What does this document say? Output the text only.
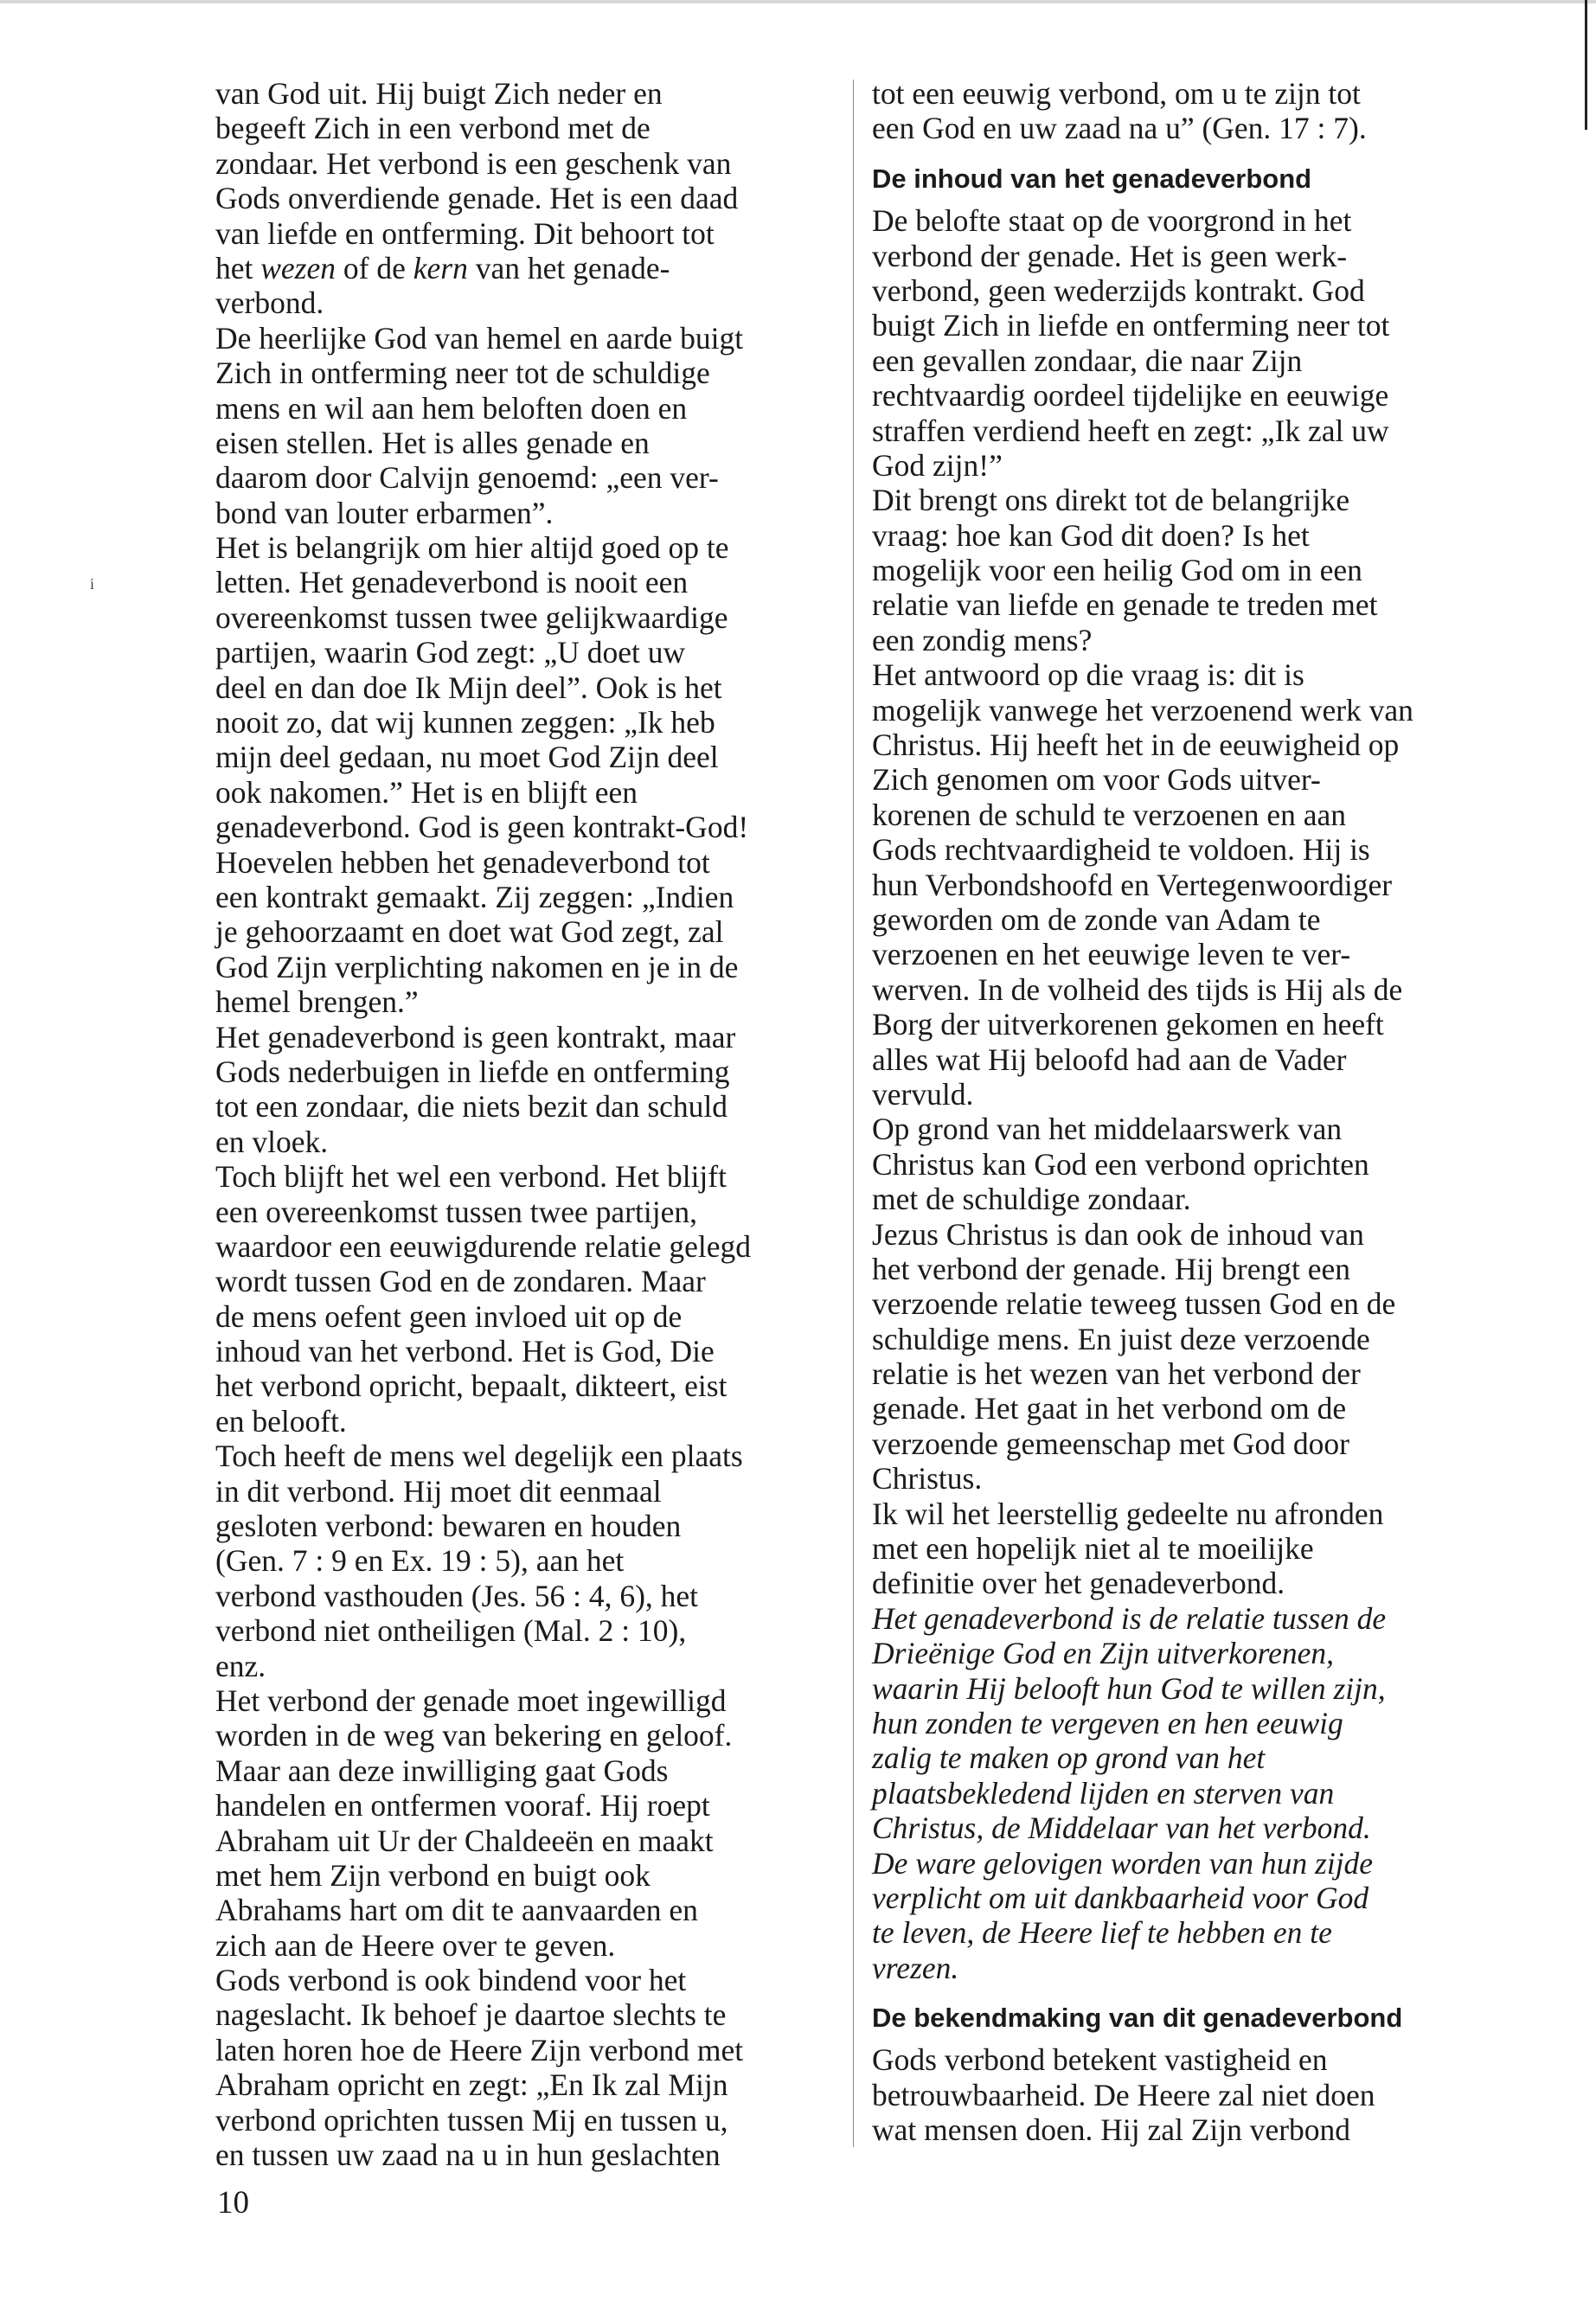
i
van God uit. Hij buigt Zich neder en
begeeft Zich in een verbond met de
zondaar. Het verbond is een geschenk van
Gods onverdiende genade. Het is een daad
van liefde en ontferming. Dit behoort tot
het wezen of de kern van het genade-
verbond.
De heerlijke God van hemel en aarde buigt
Zich in ontferming neer tot de schuldige
mens en wil aan hem beloften doen en
eisen stellen. Het is alles genade en
daarom door Calvijn genoemd: „een ver-
bond van louter erbarmen”.
Het is belangrijk om hier altijd goed op te
letten. Het genadeverbond is nooit een
overeenkomst tussen twee gelijkwaardige
partijen, waarin God zegt: „U doet uw
deel en dan doe Ik Mijn deel”. Ook is het
nooit zo, dat wij kunnen zeggen: „Ik heb
mijn deel gedaan, nu moet God Zijn deel
ook nakomen.” Het is en blijft een
genadeverbond. God is geen kontrakt-God!
Hoevelen hebben het genadeverbond tot
een kontrakt gemaakt. Zij zeggen: „Indien
je gehoorzaamt en doet wat God zegt, zal
God Zijn verplichting nakomen en je in de
hemel brengen.”
Het genadeverbond is geen kontrakt, maar
Gods nederbuigen in liefde en ontferming
tot een zondaar, die niets bezit dan schuld
en vloek.
Toch blijft het wel een verbond. Het blijft
een overeenkomst tussen twee partijen,
waardoor een eeuwigdurende relatie gelegd
wordt tussen God en de zondaren. Maar
de mens oefent geen invloed uit op de
inhoud van het verbond. Het is God, Die
het verbond opricht, bepaalt, dikteert, eist
en belooft.
Toch heeft de mens wel degelijk een plaats
in dit verbond. Hij moet dit eenmaal
gesloten verbond: bewaren en houden
(Gen. 7 : 9 en Ex. 19 : 5), aan het
verbond vasthouden (Jes. 56 : 4, 6), het
verbond niet ontheiligen (Mal. 2 : 10),
enz.
Het verbond der genade moet ingewilligd
worden in de weg van bekering en geloof.
Maar aan deze inwilliging gaat Gods
handelen en ontfermen vooraf. Hij roept
Abraham uit Ur der Chaldeeën en maakt
met hem Zijn verbond en buigt ook
Abrahams hart om dit te aanvaarden en
zich aan de Heere over te geven.
Gods verbond is ook bindend voor het
nageslacht. Ik behoef je daartoe slechts te
laten horen hoe de Heere Zijn verbond met
Abraham opricht en zegt: „En Ik zal Mijn
verbond oprichten tussen Mij en tussen u,
en tussen uw zaad na u in hun geslachten
tot een eeuwig verbond, om u te zijn tot
een God en uw zaad na u” (Gen. 17 : 7).
De inhoud van het genadeverbond
De belofte staat op de voorgrond in het
verbond der genade. Het is geen werk-
verbond, geen wederzijds kontrakt. God
buigt Zich in liefde en ontferming neer tot
een gevallen zondaar, die naar Zijn
rechtvaardig oordeel tijdelijke en eeuwige
straffen verdiend heeft en zegt: „Ik zal uw
God zijn!”
Dit brengt ons direkt tot de belangrijke
vraag: hoe kan God dit doen? Is het
mogelijk voor een heilig God om in een
relatie van liefde en genade te treden met
een zondig mens?
Het antwoord op die vraag is: dit is
mogelijk vanwege het verzoenend werk van
Christus. Hij heeft het in de eeuwigheid op
Zich genomen om voor Gods uitver-
korenen de schuld te verzoenen en aan
Gods rechtvaardigheid te voldoen. Hij is
hun Verbondshoofd en Vertegenwoordiger
geworden om de zonde van Adam te
verzoenen en het eeuwige leven te ver-
werven. In de volheid des tijds is Hij als de
Borg der uitverkorenen gekomen en heeft
alles wat Hij beloofd had aan de Vader
vervuld.
Op grond van het middelaarswerk van
Christus kan God een verbond oprichten
met de schuldige zondaar.
Jezus Christus is dan ook de inhoud van
het verbond der genade. Hij brengt een
verzoende relatie teweeg tussen God en de
schuldige mens. En juist deze verzoende
relatie is het wezen van het verbond der
genade. Het gaat in het verbond om de
verzoende gemeenschap met God door
Christus.
Ik wil het leerstellig gedeelte nu afronden
met een hopelijk niet al te moeilijke
definitie over het genadeverbond.
Het genadeverbond is de relatie tussen de
Drieënige God en Zijn uitverkorenen,
waarin Hij belooft hun God te willen zijn,
hun zonden te vergeven en hen eeuwig
zalig te maken op grond van het
plaatsbekledend lijden en sterven van
Christus, de Middelaar van het verbond.
De ware gelovigen worden van hun zijde
verplicht om uit dankbaarheid voor God
te leven, de Heere lief te hebben en te
vrezen.
De bekendmaking van dit genadeverbond
Gods verbond betekent vastigheid en
betrouwbaarheid. De Heere zal niet doen
wat mensen doen. Hij zal Zijn verbond
10
